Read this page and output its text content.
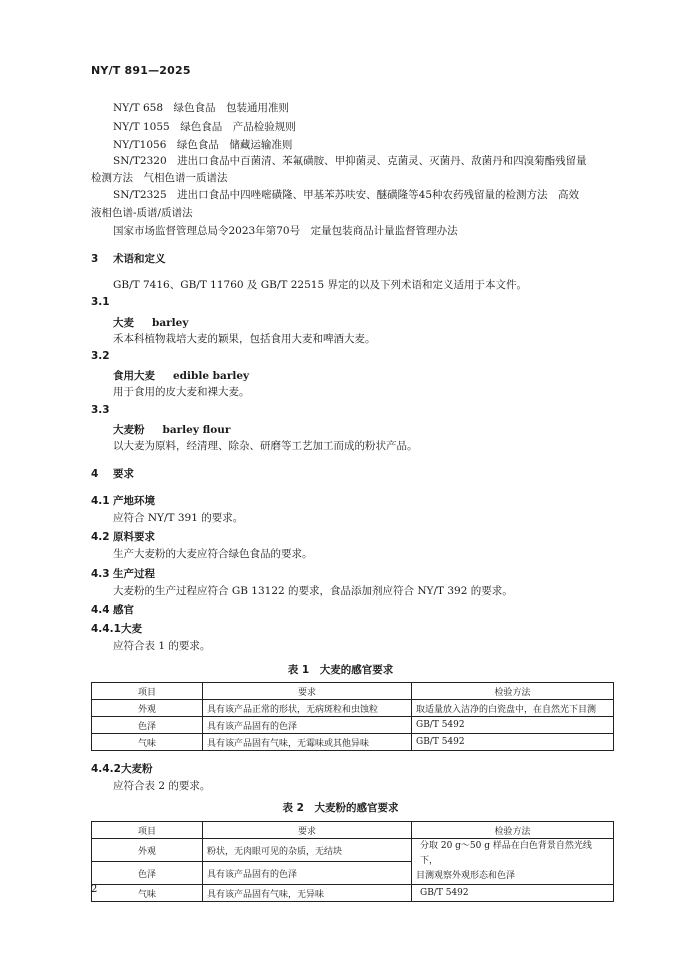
NY/T 891—2025
NY/T 658　绿色食品　包装通用准则
NY/T 1055　绿色食品　产品检验规则
NY/T1056　绿色食品　储藏运输准则
SN/T2320　进出口食品中百菌清、苯氟磺胺、甲抑菌灵、克菌灵、灭菌丹、敌菌丹和四溴菊酯残留量
检测方法　气相色谱一质谱法
SN/T2325　进出口食品中四唑嘧磺隆、甲基苯苏呋安、醚磺隆等45种农药残留量的检测方法　高效
液相色谱-质谱/质谱法
国家市场监督管理总局令2023年第70号　定量包装商品计量监督管理办法
3 术语和定义
GB/T 7416、GB/T 11760 及 GB/T 22515 界定的以及下列术语和定义适用于本文件。
3.1
大麦 barley
禾本科植物栽培大麦的颖果，包括食用大麦和啤酒大麦。
3.2
食用大麦 edible barley
用于食用的皮大麦和裸大麦。
3.3
大麦粉 barley flour
以大麦为原料，经清理、除杂、研磨等工艺加工而成的粉状产品。
4 要求
4.1 产地环境
应符合 NY/T 391 的要求。
4.2 原料要求
生产大麦粉的大麦应符合绿色食品的要求。
4.3 生产过程
大麦粉的生产过程应符合 GB 13122 的要求，食品添加剂应符合 NY/T 392 的要求。
4.4 感官
4.4.1大麦
应符合表 1 的要求。
表 1　大麦的感官要求
项目	要求	检验方法
外观	具有该产品正常的形状，无病斑粒和虫蚀粒	取适量放入洁净的白瓷盘中，在自然光下目测
色泽	具有该产品固有的色泽	GB/T 5492
气味	具有该产品固有气味，无霉味或其他异味	GB/T 5492
4.4.2大麦粉
应符合表 2 的要求。
表 2　大麦粉的感官要求
项目	要求	检验方法
外观	粉状，无肉眼可见的杂质，无结块	分取 20 g～50 g 样品在白色背景自然光线下，
目测观察外观形态和色泽

色泽	具有该产品固有的色泽	
气味	具有该产品固有气味，无异味	GB/T 5492
2
